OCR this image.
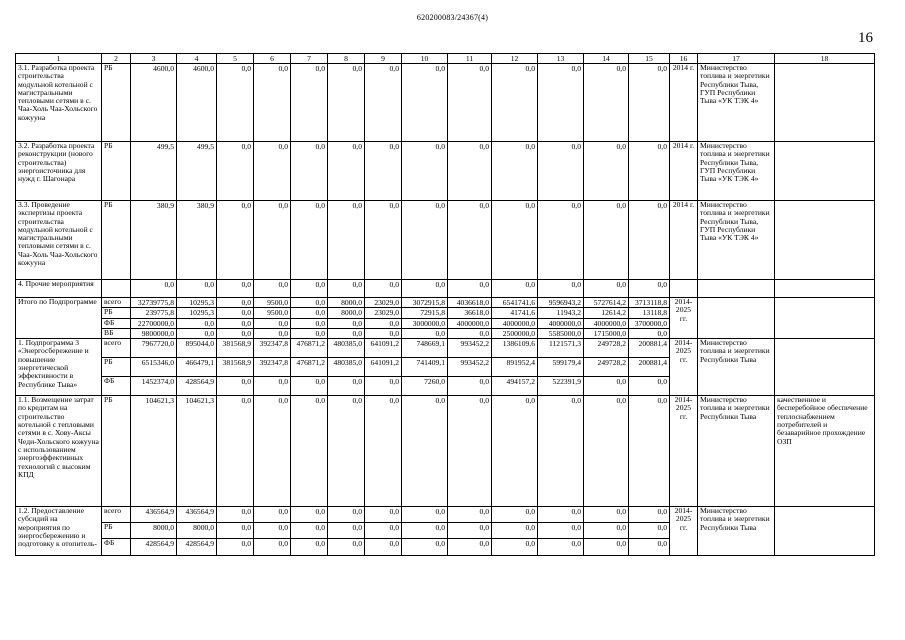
620200083/24367(4)
16
1	2	3	4	5	6	7	8	9	10	11	12	13	14	15	16	17	18
3.1. Разработка проекта строительства модульной котельной с магистральными тепловыми сетями в с. Чаа-Холь Чаа-Хольского кожууна	РБ	4600,0	4600,0	0,0	0,0	0,0	0,0	0,0	0,0	0,0	0,0	0,0	0,0	0,0	2014 г.	Министерство топлива и энергетики Республики Тыва, ГУП Республики Тыва «УК ТЭК 4»	
3.2. Разработка проекта реконструкции (нового строительства) энергоисточника для нужд г. Шагонара	РБ	499,5	499,5	0,0	0,0	0,0	0,0	0,0	0,0	0,0	0,0	0,0	0,0	0,0	2014 г.	Министерство топлива и энергетики Республики Тыва, ГУП Республики Тыва «УК ТЭК 4»	
3.3. Проведение экспертизы проекта строительства модульной котельной с магистральными тепловыми сетями в с. Чаа-Холь Чаа-Хольского кожууна	РБ	380,9	380,9	0,0	0,0	0,0	0,0	0,0	0,0	0,0	0,0	0,0	0,0	0,0	2014 г.	Министерство топлива и энергетики Республики Тыва, ГУП Республики Тыва «УК ТЭК 4»	
4. Прочие мероприятия		0,0	0,0	0,0	0,0	0,0	0,0	0,0	0,0	0,0	0,0	0,0	0,0	0,0			
Итого по Подпрограмме	всего	32739775,8	10295,3	0,0	9500,0	0,0	8000,0	23029,0	3072915,8	4036618,0	6541741,6	9596943,2	5727614,2	3713118,8	2014-2025 гг.		
	РБ	239775,8	10295,3	0,0	9500,0	0,0	8000,0	23029,0	72915,8	36618,0	41741,6	11943,2	12614,2	13118,8			
	ФБ	22700000,0	0,0	0,0	0,0	0,0	0,0	0,0	3000000,0	4000000,0	4000000,0	4000000,0	4000000,0	3700000,0			
	ВБ	9800000,0	0,0	0,0	0,0	0,0	0,0	0,0	0,0	0,0	2500000,0	5585000,0	1715000,0	0,0			
1. Подпрограмма 3 «Энергосбережение и повышение энергетической эффективности в Республике Тыва»	всего	7967720,0	895044,0	381568,9	392347,8	476871,2	480385,0	641091,2	748669,1	993452,2	1386109,6	1121571,3	249728,2	200881,4	2014-2025 гг.	Министерство топлива и энергетики Республики Тыва	
	РБ	6515346,0	466479,1	381568,9	392347,8	476871,2	480385,0	641091,2	741409,1	993452,2	891952,4	599179,4	249728,2	200881,4			
	ФБ	1452374,0	428564,9	0,0	0,0	0,0	0,0	0,0	7260,0	0,0	494157,2	522391,9	0,0	0,0			
1.1. Возмещение затрат по кредитам на строительство котельной с тепловыми сетями в с. Хову-Аксы Чеди-Хольского кожууна с использованием энергоэффективных технологий с высоким КПД	РБ	104621,3	104621,3	0,0	0,0	0,0	0,0	0,0	0,0	0,0	0,0	0,0	0,0	0,0	2014-2025 гг.	Министерство топлива и энергетики Республики Тыва	качественное и бесперебойное обеспечение теплоснабжением потребителей и безаварийное прохождение ОЗП
1.2. Предоставление субсидий на мероприятия по энергосбережению и подготовку к отопитель-	всего	436564,9	436564,9	0,0	0,0	0,0	0,0	0,0	0,0	0,0	0,0	0,0	0,0	0,0	2014-2025 гг.	Министерство топлива и энергетики Республики Тыва	
	РБ	8000,0	8000,0	0,0	0,0	0,0	0,0	0,0	0,0	0,0	0,0	0,0	0,0	0,0			
	ФБ	428564,9	428564,9	0,0	0,0	0,0	0,0	0,0	0,0	0,0	0,0	0,0	0,0	0,0			
